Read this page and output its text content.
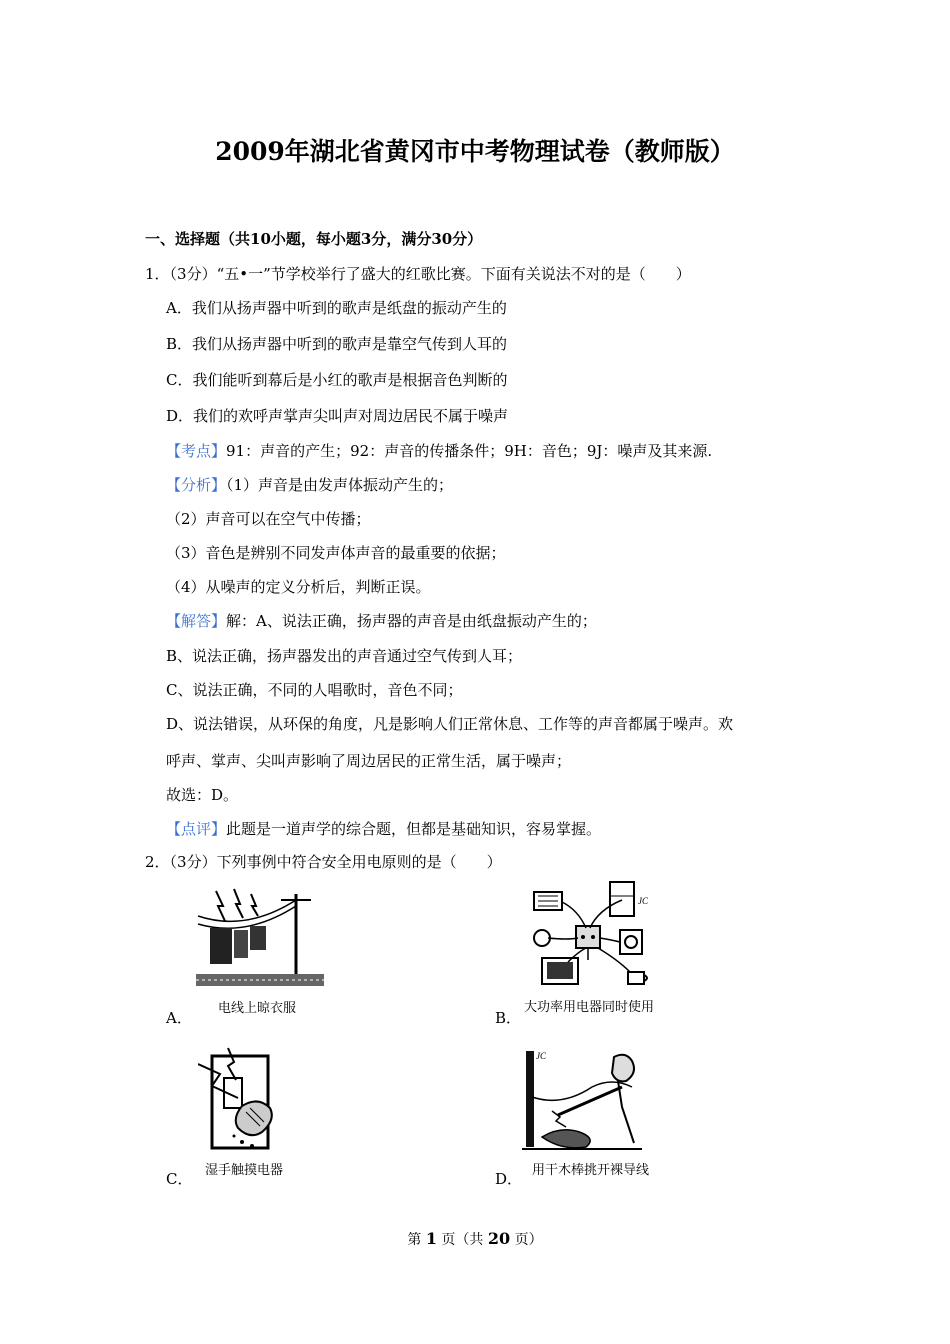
2009年湖北省黄冈市中考物理试卷（教师版）
一、选择题（共10小题，每小题3分，满分30分）
1．（3分）“五•一”节学校举行了盛大的红歌比赛。下面有关说法不对的是（　　）
A．我们从扬声器中听到的歌声是纸盘的振动产生的
B．我们从扬声器中听到的歌声是靠空气传到人耳的
C．我们能听到幕后是小红的歌声是根据音色判断的
D．我们的欢呼声掌声尖叫声对周边居民不属于噪声
【考点】91：声音的产生；92：声音的传播条件；9H：音色；9J：噪声及其来源.
【分析】（1）声音是由发声体振动产生的；
（2）声音可以在空气中传播；
（3）音色是辨别不同发声体声音的最重要的依据；
（4）从噪声的定义分析后，判断正误。
【解答】解：A、说法正确，扬声器的声音是由纸盘振动产生的；
B、说法正确，扬声器发出的声音通过空气传到人耳；
C、说法正确，不同的人唱歌时，音色不同；
D、说法错误，从环保的角度，凡是影响人们正常休息、工作等的声音都属于噪声。欢
呼声、掌声、尖叫声影响了周边居民的正常生活，属于噪声；
故选：D。
【点评】此题是一道声学的综合题，但都是基础知识，容易掌握。
2．（3分）下列事例中符合安全用电原则的是（　　）
A．
电线上晾衣服
JC
B．
大功率用电器同时使用
C． 湿手触摸电器
JC
D． 用干木棒挑开裸导线
第 1 页（共 20 页）
